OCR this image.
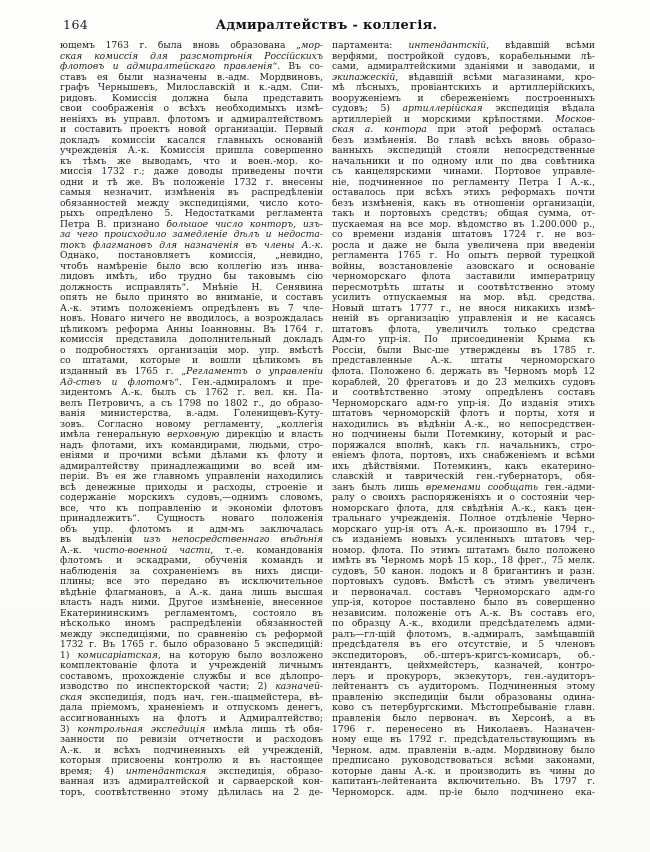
164	Адмиралтействъ - коллегія.
ющемъ 1763 г. была вновь образована „мор-
ская комиссія для разсмотрѣнія Россійскихъ
флотовъ и адмиралтейскаго правленія“. Въ со-
ставъ ея были назначены в.-адм. Мордвиновъ,
графъ Чернышевъ, Милославскій и к.-адм. Спи-
ридовъ. Комиссія должна была представить
свои соображенія о всѣхъ необходимыхъ измѣ-
неніяхъ въ управл. флотомъ и адмиралтействомъ
и составить проектъ новой организаціи. Первый
докладъ комиссіи касался главныхъ основаній
учрежденія А.-к. Комиссія пришла совершенно
къ тѣмъ же выводамъ, что и воен.-мор. ко-
миссія 1732 г.; даже доводы приведены почти
одни и тѣ же. Въ положеніе 1732 г. внесены
самыя незначит. измѣненія въ распредѣленіи
обязанностей между экспедиціями, число кото-
рыхъ опредѣлено 5. Недостатками регламента
Петра В. признано большое число конторъ, изъ-
за чего происходило замедленіе дѣлъ и недоста-
токъ флагмановъ для назначенія въ члены А.-к.
Однако, постановляетъ комиссія, „невидно,
чтобъ намѣреніе было всю коллегію изъ инва-
лидовъ имѣть, ибо трудно бы таковымъ сію
должность исправлять“. Мнѣніе Н. Сенявина
опять не было принято во вниманіе, и составъ
А.-к. этимъ положеніемъ опредѣленъ въ 7 чле-
новъ. Новаго ничего не вводилось, а возрождалась
цѣликомъ реформа Анны Іоанновны. Въ 1764 г.
комиссія представила дополнительный докладъ
о подробностяхъ организаціи мор. упр. вмѣстѣ
со штатами, которые и вошли цѣликомъ въ
изданный въ 1765 г. „Регламентъ о управленіи
Ад-ствъ и флотомъ“. Ген.-адмираломъ и пре-
зидентомъ А.-к. былъ съ 1762 г. вел. кн. Па-
велъ Петровичъ, а съ 1798 по 1802 г., до образо-
ванія министерства, в.-адм. Голенищевъ-Куту-
зовъ. Согласно новому регламенту, „коллегія
имѣла генеральную верховную дирекцію и власть
надъ флотами, ихъ командирами, людьми, стро-
еніями и прочими всѣми дѣлами къ флоту и
адмиралтейству принадлежащими во всей им-
періи. Въ ея же главномъ управленіи находились
всѣ денежные приходы и расходы, строеніе и
содержаніе морскихъ судовъ,—однимъ словомъ,
все, что къ поправленію и экономіи флотовъ
принадлежитъ“. Сущность новаго положенія
объ упр. флотомъ и адм-мъ заключалась
въ выдѣленіи изъ непосредственнаго вѣдѣнія
А.-к. чисто-военной части, т.-е. командованія
флотомъ и эскадрами, обученія командъ и
наблюденія за сохраненіемъ въ нихъ дисци-
плины; все это передано въ исключительное
вѣдѣніе флагмановъ, а А.-к. дана лишь высшая
власть надъ ними. Другое измѣненіе, внесенное
Екатерининскимъ регламентомъ, состояло въ
нѣсколько иномъ распредѣленіи обязанностей
между экспедиціями, по сравненію съ реформой
1732 г. Въ 1765 г. было образовано 5 экспедицій:
1) комисаріатская, на которую было возложено
комплектованіе флота и учрежденій личнымъ
составомъ, прохожденіе службы и все дѣлопро-
изводство по инспекторской части; 2) казначей-
ская экспедиція, подъ нач. ген.-шацмейстера, вѣ-
дала пріемомъ, храненіемъ и отпускомъ денегъ,
ассигнованныхъ на флотъ и Адмиралтейство;
3) контрольная экспедиція имѣла лишь тѣ обя-
занности по ревизіи отчетности и расходовъ
А.-к. и всѣхъ подчиненныхъ ей учрежденій,
которыя присвоены контролю и въ настоящее
время; 4) интендантская экспедиція, образо-
ванная изъ адмиралтейской и сарваерской кон-
торъ, соотвѣтственно этому дѣлилась на 2 де-
партамента: интендантскій, вѣдавшій всѣми
верфями, постройкой судовъ, корабельными лѣ-
сами, адмиралтейскими зданіями и заводами, и
экипажескій, вѣдавшій всѣми магазинами, кро-
мѣ лѣсныхъ, провіантскихъ и артиллерійскихъ,
вооруженіемъ и сбереженіемъ построенныхъ
судовъ; 5) артиллерійская экспедиція вѣдала
артиллеріей и морскими крѣпостями. Москов-
ская а. контора при этой реформѣ осталась
безъ измѣненія. Во главѣ всѣхъ вновь образо-
ванныхъ экспедицій стояли непосредственные
начальники и по одному или по два совѣтника
съ канцелярскими чинами. Портовое управле-
ніе, подчиненное по регламенту Петра I А.-к.,
оставалось при всѣхъ этихъ реформахъ почти
безъ измѣненія, какъ въ отношеніи организаціи,
такъ и портовыхъ средствъ; общая сумма, от-
пускаемая на все мор. вѣдомство въ 1.200.000 р.,
со времени изданія штатовъ 1724 г. не воз-
росла и даже не была увеличена при введеніи
регламента 1765 г. Но опытъ первой турецкой
войны, возстановленіе азовскаго и основаніе
черноморскаго флота заставили императрицу
пересмотрѣть штаты и соотвѣтственно этому
усилить отпускаемыя на мор. вѣд. средства.
Новый штатъ 1777 г., не внося никакихъ измѣ-
неній въ организацію управленія и не касаясь
штатовъ флота, увеличилъ только средства
Адм-го упр-ія. По присоединеніи Крыма къ
Россіи, были Выс-ше утверждены въ 1785 г.
представленные А.-к. штаты черноморскаго
флота. Положено б. держать въ Черномъ морѣ 12
кораблей, 20 фрегатовъ и до 23 мелкихъ судовъ
и соотвѣтственно этому опредѣленъ составъ
Черноморскаго адм-го упр-ія. До изданія этихъ
штатовъ черноморскій флотъ и порты, хотя и
находились въ вѣдѣніи А.-к., но непосредствен-
но подчинены были Потемкину, который и рас-
поряжался вполнѣ, какъ гл. начальникъ, стро-
еніемъ флота, портовъ, ихъ снабженіемъ и всѣми
ихъ дѣйствіями. Потемкинъ, какъ екатерино-
славскій и таврическій ген.-губернаторъ, обя-
занъ былъ лишь временами сообщать ген.-адми-
ралу о своихъ распоряженіяхъ и о состояніи чер-
номорскаго флота, для свѣдѣнія А.-к., какъ цен-
тральнаго учрежденія. Полное отдѣленіе Черно-
морскаго упр-ія отъ А.-к. произошло въ 1794 г.,
съ изданіемъ новыхъ усиленныхъ штатовъ чер-
номор. флота. По этимъ штатамъ было положено
имѣть въ Черномъ морѣ 15 кор., 18 фрег., 75 мелк.
судовъ, 50 канон. лодокъ и 8 бригантинъ и разн.
портовыхъ судовъ. Вмѣстѣ съ этимъ увеличенъ
и первоначал. составъ Черноморскаго адм-го
упр-ія, которое поставлено было въ совершенно
независим. положеніе отъ А.-к. Въ составъ его,
по образцу А.-к., входили предсѣдателемъ адми-
ралъ—гл-щій флотомъ, в.-адмиралъ, замѣщавшій
предсѣдателя въ его отсутствіе, и 5 членовъ
экспедиторовъ, об.-штеръ-кригсъ-комисаръ, об.-
интендантъ, цейхмейстеръ, казначей, контро-
леръ и прокуроръ, экзекуторъ, ген.-аудиторъ-
лейтенантъ съ аудиторомъ. Подчиненныя этому
правленію экспедиціи были образованы одина-
ково съ петербургскими. Мѣстопребываніе главн.
правленія было первонач. въ Херсонѣ, а въ
1796 г. перенесено въ Николаевъ. Назначен-
ному еще въ 1792 г. предсѣдательствующимъ въ
Черном. адм. правленіи в.-адм. Мордвинову было
предписано руководствоваться всѣми законами,
которые даны А.-к. и производить въ чины до
капитанъ-лейтенанта включительно. Въ 1797 г.
Черноморск. адм. пр-іе было подчинено ека-
